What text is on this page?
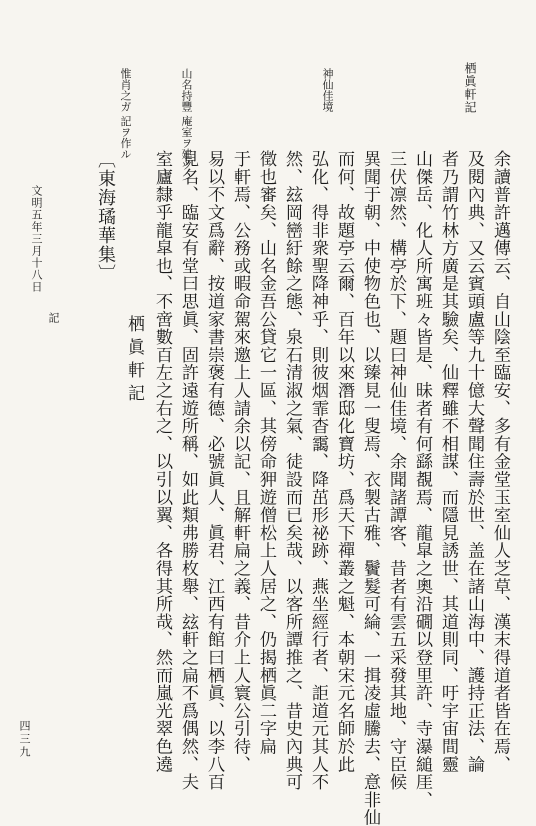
栖眞軒記
神仙佳境
山名持豐 庵室ヲ建ツ
惟肖之ガ 記ヲ作ル
余讀普許邁傳云、自山陰至臨安、多有金堂玉室仙人芝草、漢末得道者皆在焉、
及閱內典、又云賓頭盧等九十億大聲聞住壽於世、盖在諸山海中、護持正法、論
者乃謂竹林方廣是其驗矣、仙釋雖不相謀、而隱見誘世、其道則同、吁宇宙間靈
山傑岳、化人所寓班々皆是、昧者有何繇覩焉、龍皐之奧沿礀以登里許、寺瀑縋厓、
三伏凛然、構亭於下、題曰神仙佳境、余聞諸譚客、昔者有雲五采發其地、守臣候
異聞于朝、中使物色也、以臻見一叟焉、衣製古雅、鬢髮可綸、一揖凌虛騰去、意非仙
而何、故題亭云爾、百年以來潛邸化寶坊、爲天下禪叢之魁、本朝宋元名師於此
弘化、得非衆聖降神乎、則彼烟霏杳靄、降茁形祕跡、燕坐經行者、詎道元其人不
然、玆岡巒紆餘之態、泉石清淑之氣、徒設而已矣哉、以客所譚推之、昔史內典可
徵也審矣、山名金吾公貸它一區、其傍命狎遊僧松上人居之、仍揭栖眞二字扁
于軒焉、公務或暇命駕來邀上人請余以記、且解軒扁之義、昔介上人寰公引待、
易以不文爲辭、按道家書崇褒有德、必號眞人、眞君、江西有館曰栖眞、以李八百
見名、臨安有堂曰思眞、固許遠遊所稱、如此類弗勝枚舉、玆軒之扁不爲偶然、夫
室廬隸乎龍皐也、不啻數百左之右之、以引以翼、各得其所哉、然而嵐光翠色遶
栖眞軒記
〔東海璚華集〕
記
文明五年三月十八日
四三九
